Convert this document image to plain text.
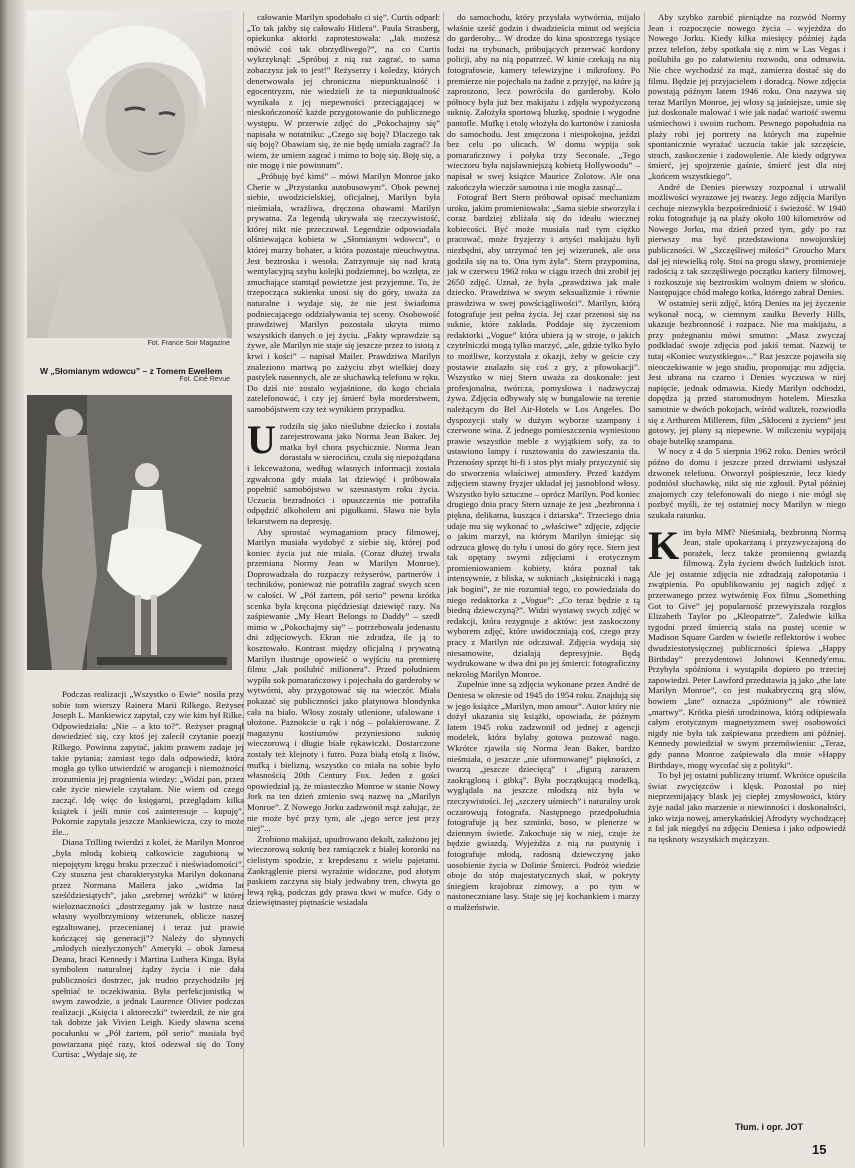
Fot. France Soir Magazine
W „Słomianym wdowcu” – z Tomem Ewellem
Fot. Ciné Revue

Podczas realizacji „Wszystko o Ewie” nosiła przy sobie tom wierszy Rainera Marii Rilkego. Reżyser Joseph L. Mankiewicz zapytał, czy wie kim był Rilke. Odpowiedziała: „Nie – a kto to?”. Reżyser pragnął dowiedzieć się, czy ktoś jej zalecił czytanie poezji Rilkego. Powinna zapytać, jakim prawem zadaje jej takie pytania; zamiast tego dała odpowiedź, która mogła go tylko utwierdzić w arogancji i niemożności zrozumienia jej pragnienia wiedzy: „Widzi pan, przez całe życie niewiele czytałam. Nie wiem od czego zacząć. Idę więc do księgarni, przeglądam kilka książek i jeśli mnie coś zainteresuje – kupuję”. Pokornie zapytała jeszcze Mankiewicza, czy to może źle...

Diana Trilling twierdzi z kolei, że Marilyn Monroe „była młodą kobietą całkowicie zagubioną w niepojętym kręgu braku przeczuć i nieświadomości”. Czy stuszna jest charakterystyka Marilyn dokonana przez Normana Mailera jako „widma lat sześćdziesiątych”, jako „srebrnej wróżki” w której wieloznaczności „dostrzegamy jak w lustrze nasz własny wyolbrzymiony wizerunek, oblicze naszej egzaltowanej, przecenianej i teraz już prawie kończącej się generacji”? Należy do słynnych „młodych niezłyczonych” Ameryki – obok Jamesa Deana, braci Kennedy i Martina Luthera Kinga. Była symbolem naturalnej żądzy życia i nie dała publiczności dostrzec, jak trudno przychodziło jej spełniać te oczekiwania. Była perfekcjonistką w swym zawodzie, a jednak Laurence Olivier podczas realizacji „Księcia i aktoreczki” twierdził, że nie gra tak dobrze jak Vivien Leigh. Kiedy sławna scena pocałunku w „Pół żartem, pół serio” musiała być powtarzana pięć razy, ktoś odezwał się do Tony Curtisa: „Wydaje się, że

całowanie Marilyn spodobało ci się”. Curtis odparł: „To tak jakby się całowało Hitlera”. Paula Strasberg, opiekunka aktorki zaprotestowała: „Jak możesz mówić coś tak obrzydliwego?”, na co Curtis wykrzyknął: „Spróbuj z nią raz zagrać, to sama zobaczysz jak to jest!” Reżyserzy i koledzy, których denerwowała jej chroniczna niepunktualność i egocentryzm, nie wiedzieli że ta niepunktualność wynikała z jej niepewności przeciągającej w nieskończoność każde przygotowanie do publicznego występu. W przerwie zdjęć do „Pokochajmy się” napisała w notatniku: „Czego się boję? Dlaczego tak się boję? Obawiam się, że nie będę umiała zagrać? Ja wiem, że umiem zagrać i mimo to boję się. Boję się, a nie mogę i nie powinnam”.

„Próbuję być kimś” – mówi Marilyn Monroe jako Cherie w „Przystanku autobusowym”. Obok pewnej siebie, uwodzicielskiej, oficjalnej, Marilyn była nieśmiała, wrażliwa, dręczona obawami Marilyn prywatna. Za legendą ukrywała się rzeczywistość, której nikt nie przeczuwał. Legendzie odpowiadała olśniewająca kobieta w „Słomianym wdowcu”, o której marzy bohater, a która pozostaje nieuchwytna. Jest beztroska i wesoła. Zatrzymuje się nad kratą wentylacyjną szybu kolejki podziemnej, bo wzdęta, ze zmuchające stamtąd powietrze jest przyjemne. To, że trzepocząca sukienka unosi się do góry, uważa za naturalne i wydaje się, że nie jest świadoma podniecającego oddziaływania tej sceny. Osobowość prawdziwej Marilyn pozostała ukryta mimo wszystkich danych o jej życiu. „Fakty wprawdzie są żywe, ale Marilyn nie staje się jeszcze przez to istotą z krwi i kości” – napisał Mailer. Prawdziwa Marilyn znaleziono martwą po zażyciu zbyt wielkiej dozy pastylek nasennych, ale ze słuchawką telefonu w ręku. Do dziś nie zostało wyjaśnione, do kogo chciała zatelefonować, i czy jej śmierć była morderstwem, samobójstwem czy też wynikiem przypadku.

U rodziła się jako nieślubne dziecko i została zarejestrowana jako Norma Jean Baker. Jej matka był chora psychicznie. Norma Jean dorastała w sierocińcu, czuła się niepożądana i lekceważona, według własnych informacji została zgwałcona gdy miała lat dziewięć i próbowała popełnić samobójstwo w szesnastym roku życia. Uczucia bezradności i opuszczenia nie potrafiła odpędzić alkoholem ani pigułkami. Sława nie była lekarstwem na depresję.

Aby sprostać wymaganiom pracy filmowej, Marilyn musiała wydobyć z siebie się, której pod koniec życia już nie miała. (Coraz dłużej trwała przemiana Normy Jean w Marilyn Monroe). Doprowadzała do rozpaczy reżyserów, partnerów i techników, ponieważ nie potrafiła zagrać swych scen w całości. W „Pół żartem, pół serio” pewna krótka scenka była kręcona pięćdziesiąt dziewięć razy. Na zaśpiewanie „My Heart Belongs to Daddy” – szedł mimo w „Pokochajmy się” – potrzebowała jedenastu dni zdjęciowych. Ekran nie zdradza, ile ją to kosztowało. Kontrast między oficjalną i prywatną Marilyn ilustruje opowieść o wyjściu na premierę filmu „Jak poślubić milionera”. Przed południem wypiła sok pomarańczowy i pojechała do garderoby w wytwórni, aby przygotować się na wieczór. Miała pokazać się publiczności jako platynowa blondynka cała na biało. Włosy zostały utlenione, ufalowane i ułożone. Paznokcie u rąk i nóg – polakierowane. Z magazynu kostiumów przyniesiono suknię wieczorową i długie białe rękawiczki. Dostarczone zostały też klejnoty i futro. Poza białą etolą z lisów, mufką i bielizną, wszystko co miała na sobie było własnością 20th Century Fox. Jeden z gości opowiedział ją, że miasteczko Monroe w stanie Nowy Jork na ten dzień zmienio swą nazwę na „Marilyn Monroe”. Z Nowego Jorku zadzwonił mąż załując, że nie może być przy tym, ale „jego serce jest przy niej”...

Zrobiono makijaż, upudrowano dekolt, założono jej wieczorową suknię bez ramiączek z białej koronki na cielistym spodzie, z krepdesznu z wielu pajetami. Zaokrąglenie piersi wyraźnie widoczne, pod złotym paskiem zaczyna się biały jedwabny tren, chwyta go lewą ręką, podczas gdy prawa tkwi w mufce. Gdy o dziewiętnastej piętnaście wsiadała

do samochodu, który przysłała wytwórnia, mijało właśnie sześć godzin i dwadzieścia minut od wejścia do garderoby... W drodze do kina spostrzega tysiące ludzi na trybunach, próbujących przerwać kordony policji, aby na nią popatrzeć. W kinie czekają na nią fotografowie, kamery telewizyjne i mikrofony. Po premierze nie pojechała na żadne z przyjęć, na które ją zaproszono, lecz powróciła do garderoby. Koło północy była już bez makijażu i zdjęła wypożyczoną suknię. Założyła sportową bluzkę, spodnie i wygodne pantofle. Mufkę i etolę włożyła do kartonów i zaniosła do samochodu. Jest zmęczona i niespokojna, jeździ bez celu po ulicach. W domu wypija sok pomarańczowy i połyka trzy Seconale. „Tego wieczoru była najsławniejszą kobietą Hollywoodu” – napisał w swej książce Maurice Zolotow. Ale ona zakończyła wieczór samotna i nie mogła zasnąć...

Fotograf Bert Stern próbował opisać mechanizm uroku, jakim promieniowała: „Sama siebie stworzyła i coraz bardziej zbliżała się do ideału wiecznej kobiecości. Być może musiała nad tym ciężko pracować, może fryzjerzy i artyści makijażu byli niezbędni, aby utrzymać ten jej wizerunek, ale ona godziła się na to. Ona tym żyła”. Stern przypomina, jak w czerwcu 1962 roku w ciągu trzech dni zrobił jej 2650 zdjęć. Uznał, że była „prawdziwa jak małe dziecko. Prawdziwa w swym seksualizmie i równie prawdziwa w swej powściągliwości”. Marilyn, którą fotografuje jest pełna życia. Jej czar przenosi się na suknie, które zakłada. Poddaje się życzeniom redaktorki „Vogue” która ubiera ją w stroje, o jakich czytelniczki mogą tylko marzyć, „ale, gdzie tylko było to możliwe, korzystała z okazji, żeby w geście czy postawie znalazło się coś z gry, z pfowokacji”. Wszystko w niej Stern uważa za doskonałe: jest profesjonalna, twórcza, pomysłowa i nadzwyczaj żywa. Zdjęcia odbywały się w bungalowie na terenie należącym do Bel Air-Hotels w Los Angeles. Do dyspozycji stały w dużym wyborze szampany i czerwone wina. Z jednego pomieszczenia wyniesiono prawie wszystkie meble z wyjątkiem sofy, za to ustawiono lampy i rusztowania do zawieszania tła. Przenośny sprzęt hi-fi i stos płyt miały przyczynić się do stworzenia właściwej atmosfery. Przed każdym zdjęciem stawny fryzjer układał jej jasnoblond włosy. Wszystko było sztuczne – oprócz Marilyn. Pod koniec drugiego dnia pracy Stern uznaje że jest „bezbronna i piękna, delikatna, kusząca i dziarska”. Trzeciego dnia udaje mu się wykonać to „właściwe” zdjęcie, zdjęcie o jakim marzył, na którym Marilyn śmiejąc się odrzuca głowę do tyłu i unosi do góry ręce. Stern jest tak opętany swymi zdjęciami i erotycznym promieniowaniem kobiety, która poznał tak intensywnie, z bliska, w sukniach „księżniczki i nagą jak bogini”, że nie rozumiał tego, co powiedziała do niego redaktorka z „Vogue”: „Co teraz będzie z tą biedną dziewczyną?”. Widzi wystawę swych zdjęć w redakcji, która rezygnuje z aktów: jest zaskoczony wyborem zdjęć, które uwidoczniają coś, czego przy pracy z Marilyn nie odczuwał. Zdjęcia wydają się niesamowite, działają depresyjnie. Będą wydrukowane w dwa dni po jej śmierci: fotograficzny nekrolog Marilyn Monroe.

Zupełnie inne są zdjęcia wykonane przez André de Deniesa w okresie od 1945 do 1954 roku. Znajdują się w jego książce „Marilyn, mon amour”. Autor który nie dożył ukazania się książki, opowiada, że późnym latem 1945 roku zadzwonił od jednej z agencji modelek, która bylaby gotowa pozować nago. Wkrótce zjawiła się Norma Jean Baker, bardzo nieśmiała, o jeszcze „nie uformowanej” piękności, z twarzą „jeszcze dziecięcą” i „figurą zarazem zaokrągloną i gibką”. Była początkującą modelką, wyglądała na jeszcze młodszą niż była w rzeczywistości. Jej „szczery uśmiech” i naturalny urok oczarowują fotografa. Następnego przedpołudnia fotografuje ją bez szminki, boso, w plenerze w dziennym świetle. Zakochuje się w niej, czuje że będzie gwiazdą. Wyjeżdża z nią na pustynię i fotografuje młodą, radosną dziewczynę jako uosobienie życia w Dolinie Śmierci. Podróż wiedzie oboje do stóp majestatycznych skał, w pokryty śniegiem krajobraz zimowy, a po tym w nastoneczniane lasy. Staje się jej kochankiem i marzy o małżeństwie.

Aby szybko zarobić pieniądze na rozwód Normy Jean i rozpoczęcie nowego życia – wyjeżdża do Nowego Jorku. Kiedy kilka miesięcy później żąda przez telefon, żeby spotkała się z nim w Las Vegas i poślubiła go po załatwieniu rozwodu, ona odmawia. Nie chce wychodzić za mąż, zamierza dostać się do filmu. Będzie jej przyjacielem i doradcą. Nowe zdjęcia powstają późnym latem 1946 roku. Ona nazywa się teraz Marilyn Monroe, jej włosy są jaśniejsze, umie się już doskonale malować i wie jak nadać wartość swemu uśmiechowi i swoim ruchom. Pewnego popołudnia na plaży robi jej portrety na których ma zupełnie spontanicznie wyrażać uczucia takie jak szczęście, strach, zaskoczenie i zadowolenie. Ale kiedy odgrywa śmierć, jej spojrzenie gaśnie, śmierć jest dla niej „końcem wszystkiego”.

André de Denies pierwszy rozpoznał i utrwalił możliwości wyrazowe jej twarzy. Jego zdjęcia Marilyn cechuje niezwykła bezpośredniość i świeżość. W 1940 roku fotografuje ją na plaży około 100 kilometrów od Nowego Jorku, ma dzień przed tym, gdy po raz pierwszy ma być przedstawiona nowojorskiej publiczności. W „Szczęśliwej miłości” Groucho Marx dał jej niewielką rolę. Stoi na progu sławy, promienieje radością z tak szczęśliwego początku kariery filmowej, i rozkoszuje się beztroskim wolnym dniem w słońcu. Następujące chód małego kotka, którego zabrał Denies.

W ostatniej serii zdjęć, którą Denies na jej życzenie wykonał nocą, w ciemnym zaułku Beverly Hills, ukazuje bezbronność i rozpacz. Nie ma makijażu, a przy pożegnaniu mówi smutno: „Masz zwyczaj podkładać swoje zdjęcia pod jakiś temat. Nazwij te tutaj «Koniec wszystkiego»...” Raz jeszcze pojawiła się nieoczekiwanie w jego studiu, proponując mu zdjęcia. Jest ubrana na czarno i Denies wyczuwa w niej napięcie, jednak odmawia. Kiedy Marilyn odchodzi, dopędza ją przed staromodnym hotelem. Mieszka samotnie w dwóch pokojach, wśród walizek, rozwiodła się z Arthurem Millerem, film „Skłoceni z życiem” jest gotowy, jej plany są niepewne. W milczeniu wypijają obaje butelkę szampana.

W nocy z 4 do 5 sierpnia 1962 roku. Denies wrócił późno do domu i jeszcze przed drzwiami usłyszał dzwonek telefonu. Otworzył pośpiesznie, lecz kiedy podniósł słuchawkę, nikt się nie zgłosił. Pytał później znajomych czy telefonowali do niego i nie mógł się pozbyć myśli, że tej ostatniej nocy Marilyn w niego szukała ratunku.

K im była MM? Nieśmiałą, bezbronną Normą Jean, stale upokarzaną i przyzwyczajoną do porażek, lecz także promienną gwiazdą filmową. Żyła życiem dwóch ludzkich istot. Ale jej ostatnie zdjęcia nie zdradzają załopotania i zwątpienia. Po opublikowaniu jej nagich zdjęć z przerwanego przez wytwórnię Fox filmu „Something Got to Give” jej popularność przewyższała rozgłos Elizabeth Taylor po „Kleopatrze”. Zaledwie kilka tygodni przed śmiercią stała na pustej scenie w Madison Square Garden w świetle reflektorów i wobec dwudziestotysięcznej publiczności śpiewa „Happy Birthday” prezydentowi Johnowi Kennedy'emu. Przybyła spóźniona i wystąpiła dopiero po trzeciej zapowiedzi. Peter Lawford przedstawia ją jako „the late Marilyn Monroe”, co jest makabryczną grą słów, bowiem „late” oznacza „spóźniony” ale również „martwy”. Krótka pieśń urodzinowa, którą odśpiewała całym erotycznym magnetyzmem swej osobowości nigdy nie była tak zaśpiewana przedtem ani później. Kennedy powiedział w swym przemówieniu: „Teraz, gdy panna Monroe zaśpiewała dla mnie »Happy Birthday«, mogę wycofać się z polityki”.

To był jej ostatni publiczny triumf. Wkrótce opuściła świat zwycięzców i klęsk. Pozostał po niej nieprzemijający blask jej ciepłej zmysłowości, który żyje nadal jako marzenie o niewinności i doskonałości, jako wizja nowej, amerykańskiej Afrodyty wychodzącej z fal jak niegdyś na zdjęciu Deniesa i jako odpowiedź na tęsknoty wszystkich mężczyzn.

Tłum. i opr. JOT
15
